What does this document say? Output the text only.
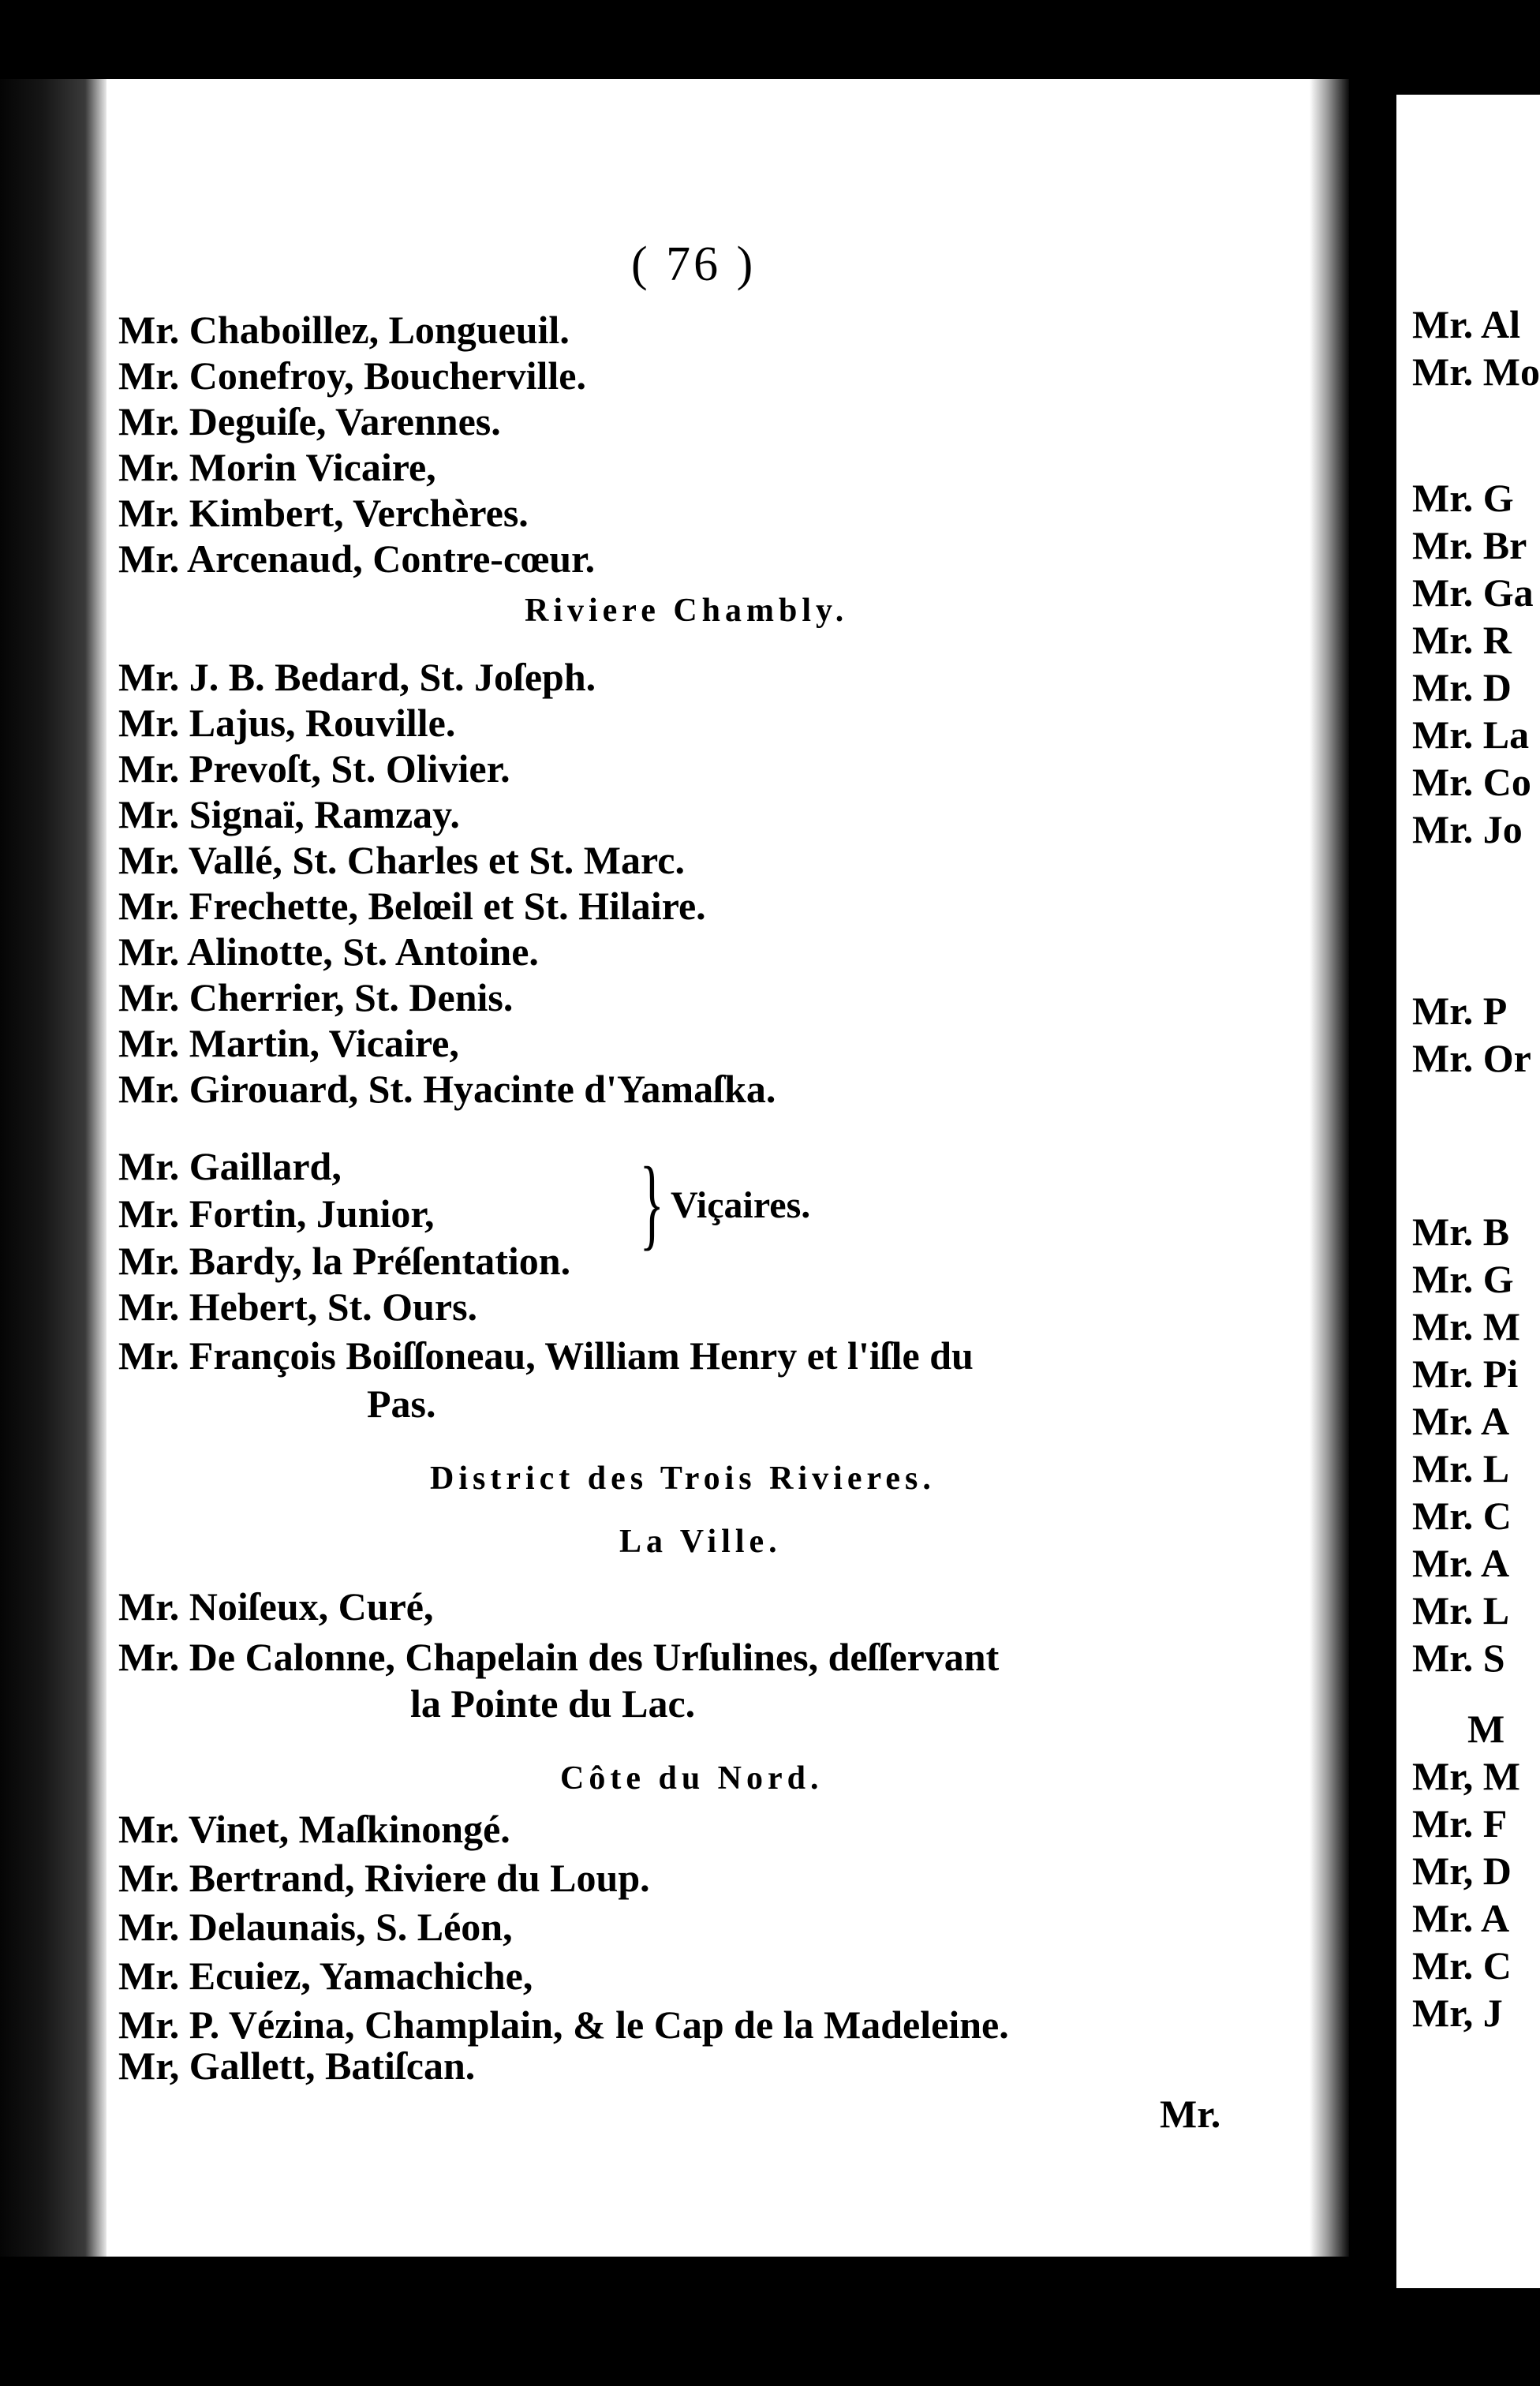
( 76 )
Mr. Chaboillez, Longueuil.
Mr. Conefroy, Boucherville.
Mr. Deguiſe, Varennes.
Mr. Morin Vicaire,
Mr. Kimbert, Verchères.
Mr. Arcenaud, Contre-cœur.
Riviere Chambly.
Mr. J. B. Bedard, St. Joſeph.
Mr. Lajus, Rouville.
Mr. Prevoſt, St. Olivier.
Mr. Signaï, Ramzay.
Mr. Vallé, St. Charles et St. Marc.
Mr. Frechette, Belœil et St. Hilaire.
Mr. Alinotte, St. Antoine.
Mr. Cherrier, St. Denis.
Mr. Martin, Vicaire,
Mr. Girouard, St. Hyacinte d'Yamaſka.
Mr. Gaillard,
Mr. Fortin, Junior, } Viçaires.
Mr. Bardy, la Préſentation.
Mr. Hebert, St. Ours.
Mr. François Boiſſoneau, William Henry et l'iſle du
Pas.
District des Trois Rivieres.
La Ville.
Mr. Noiſeux, Curé,
Mr. De Calonne, Chapelain des Urſulines, deſſervant
la Pointe du Lac.
Côte du Nord.
Mr. Vinet, Maſkinongé.
Mr. Bertrand, Riviere du Loup.
Mr. Delaunais, S. Léon,
Mr. Ecuiez, Yamachiche,
Mr. P. Vézina, Champlain, & le Cap de la Madeleine.
Mr, Gallett, Batiſcan.
Mr.
Mr. Al
Mr. Mo
Mr. G
Mr. Br
Mr. Ga
Mr. R
Mr. D
Mr. La
Mr. Co
Mr. Jo
Mr. P
Mr. Or
Mr. B
Mr. G
Mr. M
Mr. Pi
Mr. A
Mr. L
Mr. C
Mr. A
Mr. L
Mr. S
M
Mr, M
Mr. F
Mr, D
Mr. A
Mr. C
Mr, J
